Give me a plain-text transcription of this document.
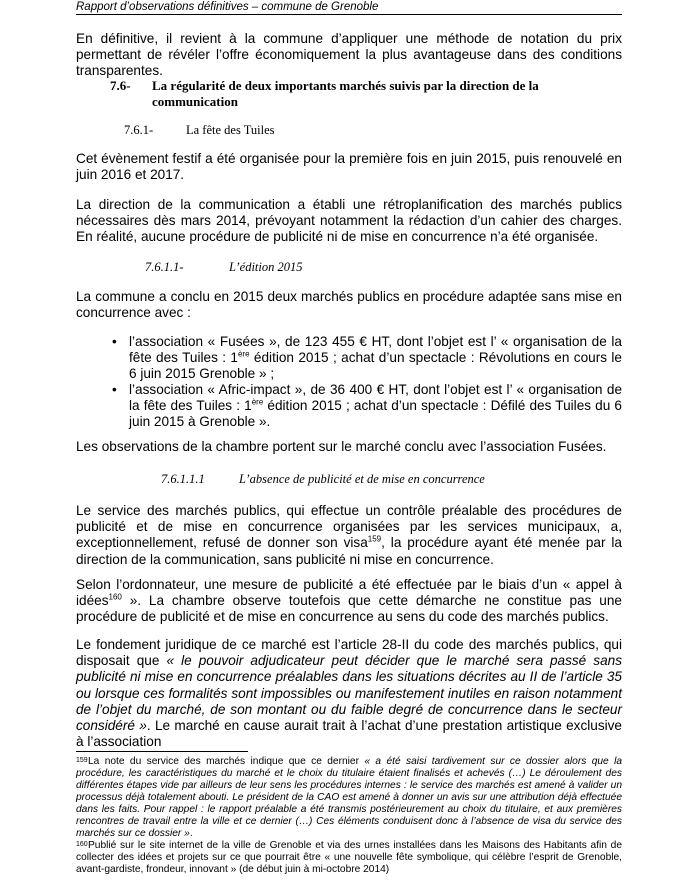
Rapport d’observations définitives – commune de Grenoble
En définitive, il revient à la commune d’appliquer une méthode de notation du prix permettant de révéler l’offre économiquement la plus avantageuse dans des conditions transparentes.
7.6- La régularité de deux importants marchés suivis par la direction de la communication
7.6.1-	La fête des Tuiles
Cet évènement festif a été organisée pour la première fois en juin 2015, puis renouvelé en juin 2016 et 2017.
La direction de la communication a établi une rétroplanification des marchés publics nécessaires dès mars 2014, prévoyant notamment la rédaction d’un cahier des charges. En réalité, aucune procédure de publicité ni de mise en concurrence n’a été organisée.
7.6.1.1-	L’édition 2015
La commune a conclu en 2015 deux marchés publics en procédure adaptée sans mise en concurrence avec :
• l’association « Fusées », de 123 455 € HT, dont l’objet est l’ « organisation de la fête des Tuiles : 1ère édition 2015 ; achat d’un spectacle : Révolutions en cours le 6 juin 2015 Grenoble » ;
• l’association « Afric-impact », de 36 400 € HT, dont l’objet est l’ « organisation de la fête des Tuiles : 1ère édition 2015 ; achat d’un spectacle : Défilé des Tuiles du 6 juin 2015 à Grenoble ».
Les observations de la chambre portent sur le marché conclu avec l’association Fusées.
7.6.1.1.1	L’absence de publicité et de mise en concurrence
Le service des marchés publics, qui effectue un contrôle préalable des procédures de publicité et de mise en concurrence organisées par les services municipaux, a, exceptionnellement, refusé de donner son visa$^{159}$, la procédure ayant été menée par la direction de la communication, sans publicité ni mise en concurrence.
Selon l’ordonnateur, une mesure de publicité a été effectuée par le biais d’un « appel à idées$^{160}$ ». La chambre observe toutefois que cette démarche ne constitue pas une procédure de publicité et de mise en concurrence au sens du code des marchés publics.
Le fondement juridique de ce marché est l’article 28-II du code des marchés publics, qui disposait que « le pouvoir adjudicateur peut décider que le marché sera passé sans publicité ni mise en concurrence préalables dans les situations décrites au II de l’article 35 ou lorsque ces formalités sont impossibles ou manifestement inutiles en raison notamment de l’objet du marché, de son montant ou du faible degré de concurrence dans le secteur considéré ». Le marché en cause aurait trait à l’achat d’une prestation artistique exclusive à l’association
159 La note du service des marchés indique que ce dernier « a été saisi tardivement sur ce dossier alors que la procédure, les caractéristiques du marché et le choix du titulaire étaient finalisés et achevés (…) Le déroulement des différentes étapes vide par ailleurs de leur sens les procédures internes : le service des marchés est amené à valider un processus déjà totalement abouti. Le président de la CAO est amené à donner un avis sur une attribution déjà effectuée dans les faits. Pour rappel : le rapport préalable a été transmis postérieurement au choix du titulaire, et aux premières rencontres de travail entre la ville et ce dernier (…) Ces éléments conduisent donc à l’absence de visa du service des marchés sur ce dossier ».
160 Publié sur le site internet de la ville de Grenoble et via des urnes installées dans les Maisons des Habitants afin de collecter des idées et projets sur ce que pourrait être « une nouvelle fête symbolique, qui célèbre l’esprit de Grenoble, avant-gardiste, frondeur, innovant » (de début juin à mi-octobre 2014)
